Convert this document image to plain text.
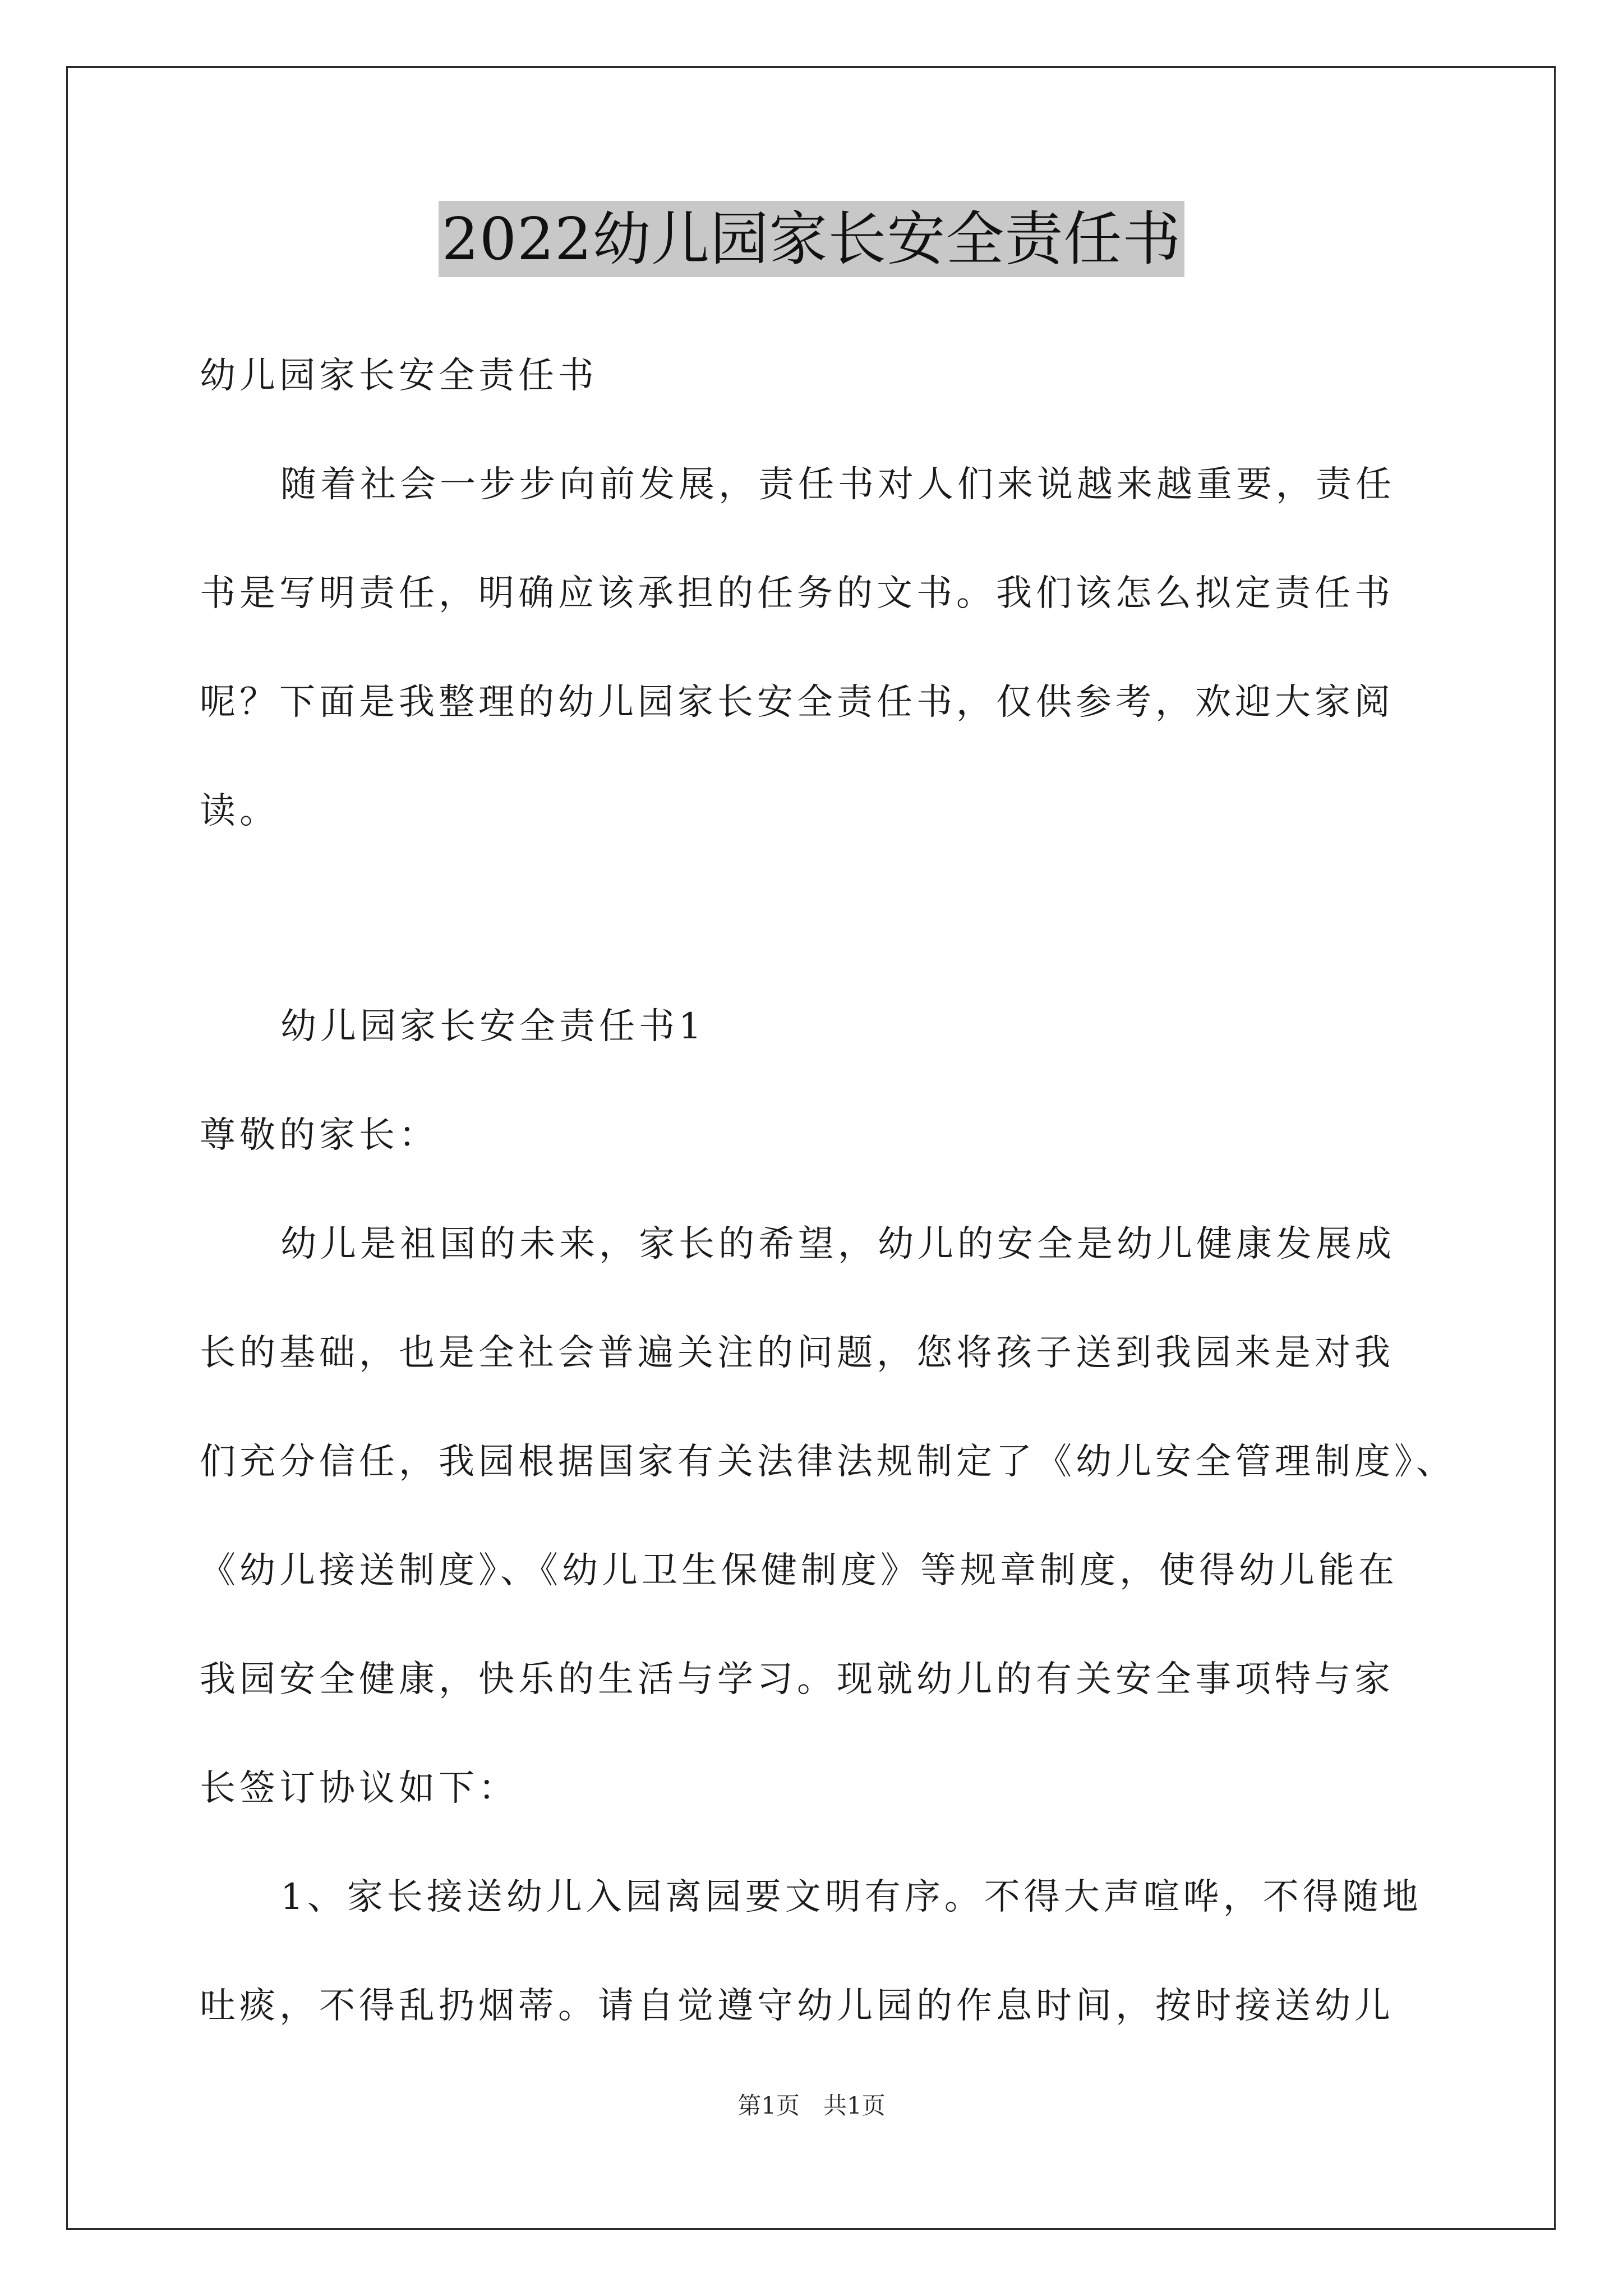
2022幼儿园家长安全责任书
幼儿园家长安全责任书
随着社会一步步向前发展，责任书对人们来说越来越重要，责任
书是写明责任，明确应该承担的任务的文书。我们该怎么拟定责任书
呢？下面是我整理的幼儿园家长安全责任书，仅供参考，欢迎大家阅
读。
幼儿园家长安全责任书1
尊敬的家长：
幼儿是祖国的未来，家长的希望，幼儿的安全是幼儿健康发展成
长的基础，也是全社会普遍关注的问题，您将孩子送到我园来是对我
们充分信任，我园根据国家有关法律法规制定了《幼儿安全管理制度》、
《幼儿接送制度》、《幼儿卫生保健制度》等规章制度，使得幼儿能在
我园安全健康，快乐的生活与学习。现就幼儿的有关安全事项特与家
长签订协议如下：
1、家长接送幼儿入园离园要文明有序。不得大声喧哗，不得随地
吐痰，不得乱扔烟蒂。请自觉遵守幼儿园的作息时间，按时接送幼儿
第1页　共1页
